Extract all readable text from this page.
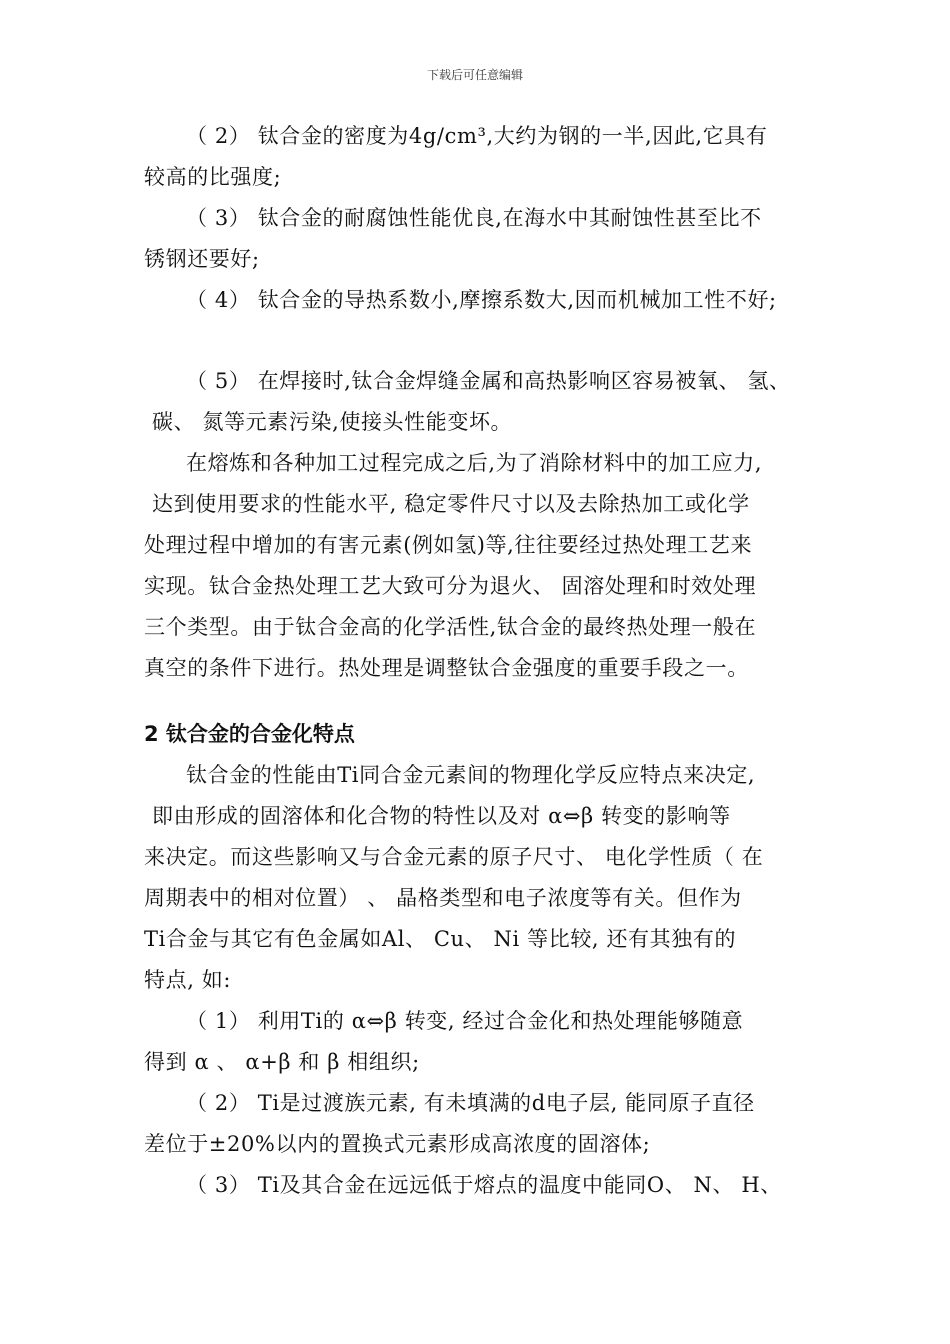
下载后可任意编辑
（ 2） 钛合金的密度为4g/cm³,大约为钢的一半,因此,它具有
较高的比强度;
（ 3） 钛合金的耐腐蚀性能优良,在海水中其耐蚀性甚至比不
锈钢还要好;
（ 4） 钛合金的导热系数小,摩擦系数大,因而机械加工性不好;
（ 5） 在焊接时,钛合金焊缝金属和高热影响区容易被氧、 氢、
碳、 氮等元素污染,使接头性能变坏。
在熔炼和各种加工过程完成之后,为了消除材料中的加工应力,
达到使用要求的性能水平, 稳定零件尺寸以及去除热加工或化学
处理过程中增加的有害元素(例如氢)等,往往要经过热处理工艺来
实现。钛合金热处理工艺大致可分为退火、 固溶处理和时效处理
三个类型。由于钛合金高的化学活性,钛合金的最终热处理一般在
真空的条件下进行。热处理是调整钛合金强度的重要手段之一。
2 钛合金的合金化特点
钛合金的性能由Ti同合金元素间的物理化学反应特点来决定,
即由形成的固溶体和化合物的特性以及对 α⇔β 转变的影响等
来决定。而这些影响又与合金元素的原子尺寸、 电化学性质（ 在
周期表中的相对位置） 、 晶格类型和电子浓度等有关。但作为
Ti合金与其它有色金属如Al、 Cu、 Ni 等比较, 还有其独有的
特点, 如:
（ 1） 利用Ti的 α⇔β 转变, 经过合金化和热处理能够随意
得到 α 、 α+β 和 β 相组织;
（ 2） Ti是过渡族元素, 有未填满的d电子层, 能同原子直径
差位于±20%以内的置换式元素形成高浓度的固溶体;
（ 3） Ti及其合金在远远低于熔点的温度中能同O、 N、 H、
